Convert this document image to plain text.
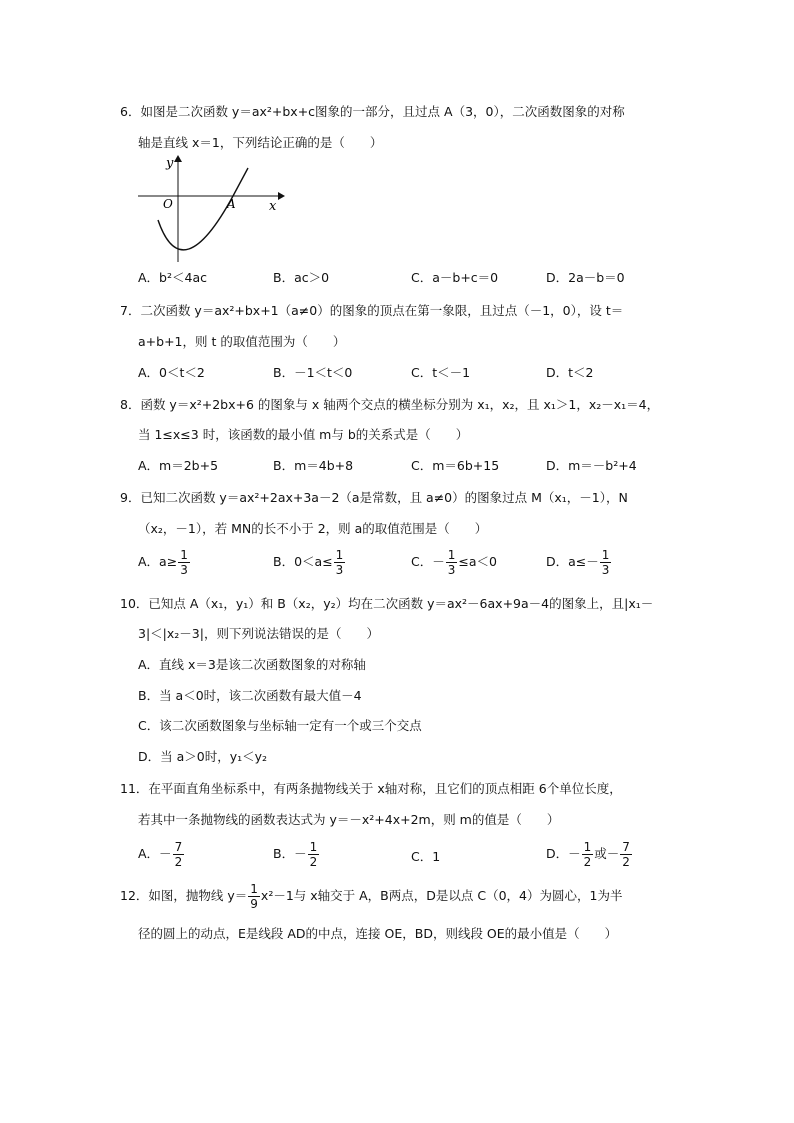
6．如图是二次函数 y＝ax²+bx+c图象的一部分，且过点 A（3，0），二次函数图象的对称
轴是直线 x＝1，下列结论正确的是（　　）
y
x
O	A
A．b²＜4ac	B．ac＞0	C．a－b+c＝0	D．2a－b＝0
7．二次函数 y＝ax²+bx+1（a≠0）的图象的顶点在第一象限，且过点（－1，0），设 t＝
a+b+1，则 t 的取值范围为（　　）
A．0＜t＜2	B．－1＜t＜0	C．t＜－1	D．t＜2
8．函数 y＝x²+2bx+6 的图象与 x 轴两个交点的横坐标分别为 x₁，x₂，且 x₁＞1，x₂－x₁＝4，
当 1≤x≤3 时，该函数的最小值 m与 b的关系式是（　　）
A．m＝2b+5	B．m＝4b+8	C．m＝6b+15	D．m＝－b²+4
9．已知二次函数 y＝ax²+2ax+3a－2（a是常数，且 a≠0）的图象过点 M（x₁，－1），N
（x₂，－1），若 MN的长不小于 2，则 a的取值范围是（　　）
A．$a\ge \frac{1}{3}$	B．$0<a\le \frac{1}{3}$	C．－ $\frac{1}{3} \le a<0$	D．$a\le- \frac{1}{3}$
10．已知点 A（x₁，y₁）和 B（x₂，y₂）均在二次函数 y＝ax²－6ax+9a－4的图象上，且|x₁－
3|＜|x₂－3|，则下列说法错误的是（　　）
A．直线 x＝3是该二次函数图象的对称轴
B．当 a＜0时，该二次函数有最大值－4
C．该二次函数图象与坐标轴一定有一个或三个交点
D．当 a＞0时，y₁＜y₂
11．在平面直角坐标系中，有两条抛物线关于 x轴对称，且它们的顶点相距 6个单位长度，
若其中一条抛物线的函数表达式为 y＝－x²+4x+2m，则 m的值是（　　）
A．－ $\frac{7}{2}$	B．－ $\frac{1}{2}$	C．1	D．－ $\frac{1}{2}$ 或－ $\frac{7}{2}$
12．如图，抛物线 $y= \frac{1}{9} x^2-1$与 x轴交于 A，B两点，D是以点 C（0，4）为圆心，1为半
径的圆上的动点，E是线段 AD的中点，连接 OE，BD，则线段 OE的最小值是（　　）
